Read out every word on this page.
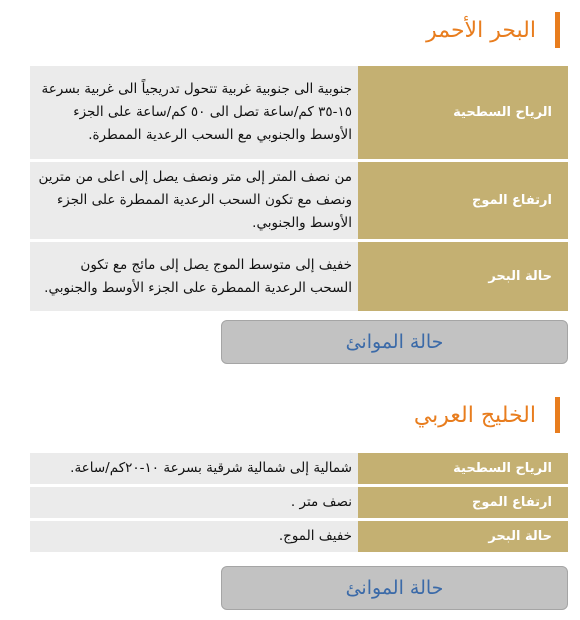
البحر الأحمر
الرياح السطحية	جنوبية الى جنوبية غربية تتحول تدريجياً الى غربية بسرعة ١٥-٣٥ كم/ساعة تصل الى ٥٠ كم/ساعة على الجزء الأوسط والجنوبي مع السحب الرعدية الممطرة.
ارتفاع الموج	من نصف المتر إلى متر ونصف يصل إلى اعلى من مترين ونصف مع تكون السحب الرعدية الممطرة على الجزء الأوسط والجنوبي.
حالة البحر	خفيف إلى متوسط الموج يصل إلى مائج مع تكون السحب الرعدية الممطرة على الجزء الأوسط والجنوبي.
حالة الموانئ
الخليج العربي
الرياح السطحية	شمالية إلى شمالية شرقية بسرعة ١٠-٢٠كم/ساعة.
ارتفاع الموج	نصف متر .
حالة البحر	خفيف الموج.
حالة الموانئ
